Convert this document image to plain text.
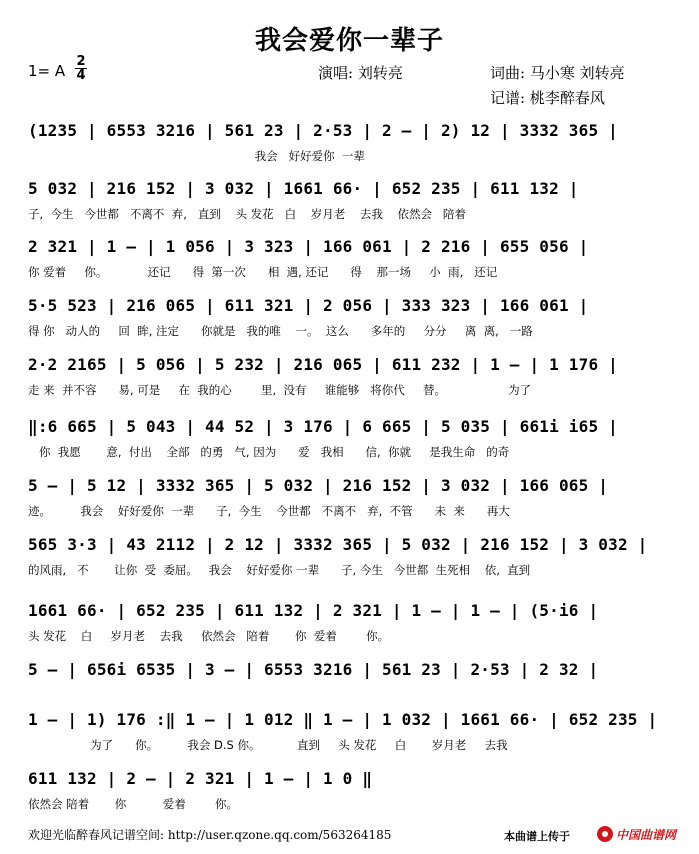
我会爱你一辈子
1= A
2
4	演唱: 刘转亮	词曲: 马小寒 刘转亮
记谱: 桃李醉春风
(1235 | 6553 3216 | 561 23 | 2·53 | 2 – | 2) 12 | 3332 365 |
我会   好好爱你  一辈
5 032 | 216 152 | 3 032 | 1661 66· | 652 235 | 611 132 |
子,  今生   今世都   不离不  弃,   直到    头 发花   白    岁月老    去我    依然会   陪着
2 321 | 1 – | 1 056 | 3 323 | 166 061 | 2 216 | 655 056 |
你 爱着     你。           还记      得  第一次      相  遇, 还记      得    那一场     小  雨,   还记
5·5 523 | 216 065 | 611 321 | 2 056 | 333 323 | 166 061 |
得 你   动人的     回  眸, 注定      你就是   我的唯    一。  这么      多年的     分分     离  离,   一路
2·2 2165 | 5 056 | 5 232 | 216 065 | 611 232 | 1 – | 1 176 |
走 来  并不容      易, 可是     在  我的心        里,  没有     谁能够   将你代     替。                 为了
‖:6 665 | 5 043 | 44 52 | 3 176 | 6 665 | 5 035 | 661i i65 |
你  我愿       意,  付出    全部   的勇   气, 因为      爱   我相      信,  你就     是我生命   的奇
5 – | 5 12 | 3332 365 | 5 032 | 216 152 | 3 032 | 166 065 |
迹。        我会    好好爱你  一辈      子,  今生    今世都   不离不   弃,  不管      未  来      再大
565 3·3 | 43 2112 | 2 12 | 3332 365 | 5 032 | 216 152 | 3 032 |
的风雨,   不       让你  受  委屈。   我会    好好爱你 一辈      子, 今生   今世都  生死相    依,  直到
1661 66· | 652 235 | 611 132 | 2 321 | 1 – | 1 – | (5·i6 |
头 发花    白     岁月老    去我     依然会   陪着       你  爱着        你。
5 – | 656i 6535 | 3 – | 6553 3216 | 561 23 | 2·53 | 2 32 |
1 – | 1) 176 :‖ 1 – | 1 012 ‖ 1 – | 1 032 | 1661 66· | 652 235 |
为了      你。        我会 D.S 你。          直到     头 发花     白       岁月老     去我
611 132 | 2 – | 2 321 | 1 – | 1 0 ‖
依然会 陪着       你          爱着        你。
欢迎光临醉春风记谱空间: http://user.qzone.qq.com/563264185	本曲谱上传于	中国曲谱网
